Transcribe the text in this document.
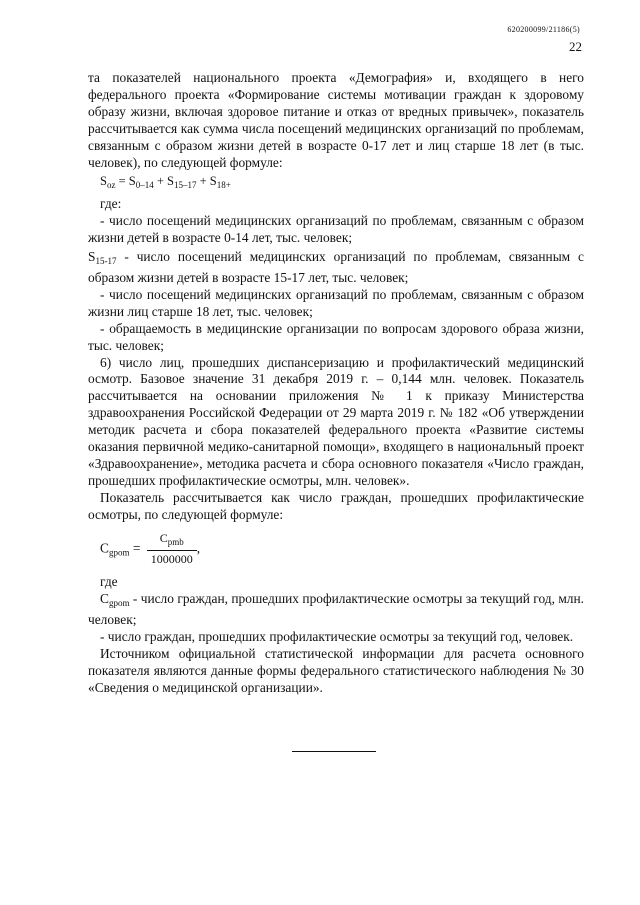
620200099/21186(5)
22

та показателей национального проекта «Демография» и, входящего в него федерального проекта «Формирование системы мотивации граждан к здоровому образу жизни, включая здоровое питание и отказ от вредных привычек», показатель рассчитывается как сумма числа посещений медицинских организаций по проблемам, связанным с образом жизни детей в возрасте 0-17 лет и лиц старше 18 лет (в тыс. человек), по следующей формуле:

$S_{oz} = S_{0-14} + S_{15-17} + S_{18+}$

где:

- число посещений медицинских организаций по проблемам, связанным с образом жизни детей в возрасте 0-14 лет, тыс. человек;

$S_{15-17}$ - число посещений медицинских организаций по проблемам, связанным с образом жизни детей в возрасте 15-17 лет, тыс. человек;

- число посещений медицинских организаций по проблемам, связанным с образом жизни лиц старше 18 лет, тыс. человек;

- обращаемость в медицинские организации по вопросам здорового образа жизни, тыс. человек;

6) число лиц, прошедших диспансеризацию и профилактический медицинский осмотр. Базовое значение 31 декабря 2019 г. – 0,144 млн. человек. Показатель рассчитывается на основании приложения № 1 к приказу Министерства здравоохранения Российской Федерации от 29 марта 2019 г. № 182 «Об утверждении методик расчета и сбора показателей федерального проекта «Развитие системы оказания первичной медико-санитарной помощи», входящего в национальный проект «Здравоохранение», методика расчета и сбора основного показателя «Число граждан, прошедших профилактические осмотры, млн. человек».

Показатель рассчитывается как число граждан, прошедших профилактические осмотры, по следующей формуле:

$C_{gpom} = \frac{C_{pmb}}{1000000}$ ,

где

$C_{gpom}$ - число граждан, прошедших профилактические осмотры за текущий год, млн. человек;

- число граждан, прошедших профилактические осмотры за текущий год, человек.

Источником официальной статистической информации для расчета основного показателя являются данные формы федерального статистического наблюдения № 30 «Сведения о медицинской организации».
